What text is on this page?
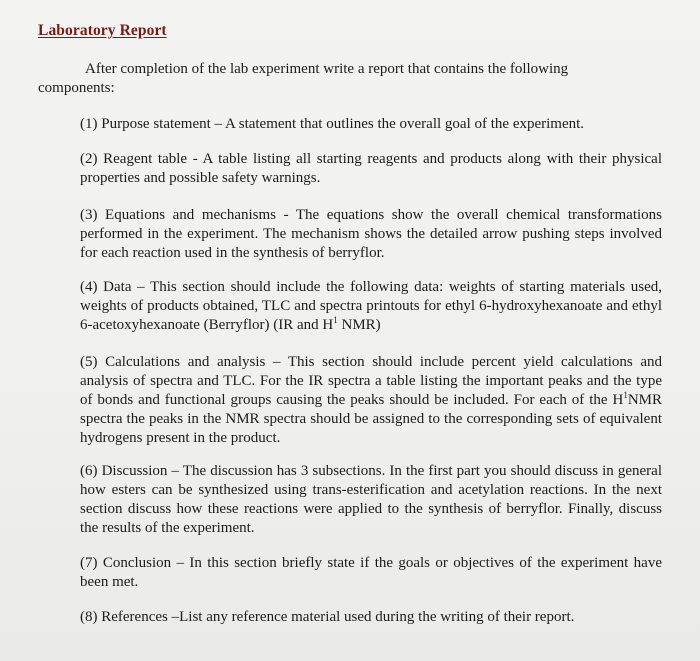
Laboratory Report
After completion of the lab experiment write a report that contains the following
components:
(1) Purpose statement – A statement that outlines the overall goal of the experiment.
(2) Reagent table - A table listing all starting reagents and products along with their physical properties and possible safety warnings.
(3) Equations and mechanisms - The equations show the overall chemical transformations performed in the experiment. The mechanism shows the detailed arrow pushing steps involved for each reaction used in the synthesis of berryflor.
(4) Data – This section should include the following data: weights of starting materials used, weights of products obtained, TLC and spectra printouts for ethyl 6-hydroxyhexanoate and ethyl 6-acetoxyhexanoate (Berryflor) (IR and $H^1$ NMR)
(5) Calculations and analysis – This section should include percent yield calculations and analysis of spectra and TLC. For the IR spectra a table listing the important peaks and the type of bonds and functional groups causing the peaks should be included. For each of the $H^1NMR$ spectra the peaks in the NMR spectra should be assigned to the corresponding sets of equivalent hydrogens present in the product.
(6) Discussion – The discussion has 3 subsections. In the first part you should discuss in general how esters can be synthesized using trans-esterification and acetylation reactions. In the next section discuss how these reactions were applied to the synthesis of berryflor. Finally, discuss the results of the experiment.
(7) Conclusion – In this section briefly state if the goals or objectives of the experiment have been met.
(8) References –List any reference material used during the writing of their report.
